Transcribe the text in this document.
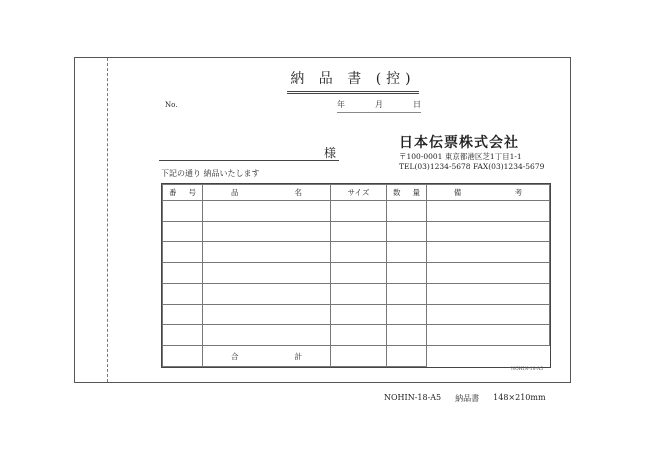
納 品 書 (控)
No.	年	月	日
様
下記の通り 納品いたします
日本伝票株式会社
〒100-0001 東京都港区芝1丁目1-1
TEL(03)1234-5678 FAX(03)1234-5679
番 号	品 名	サイズ	数 量	備 考

	合 計			

NOHIN-18-A5
NOHIN-18-A5 納品書 148×210mm
